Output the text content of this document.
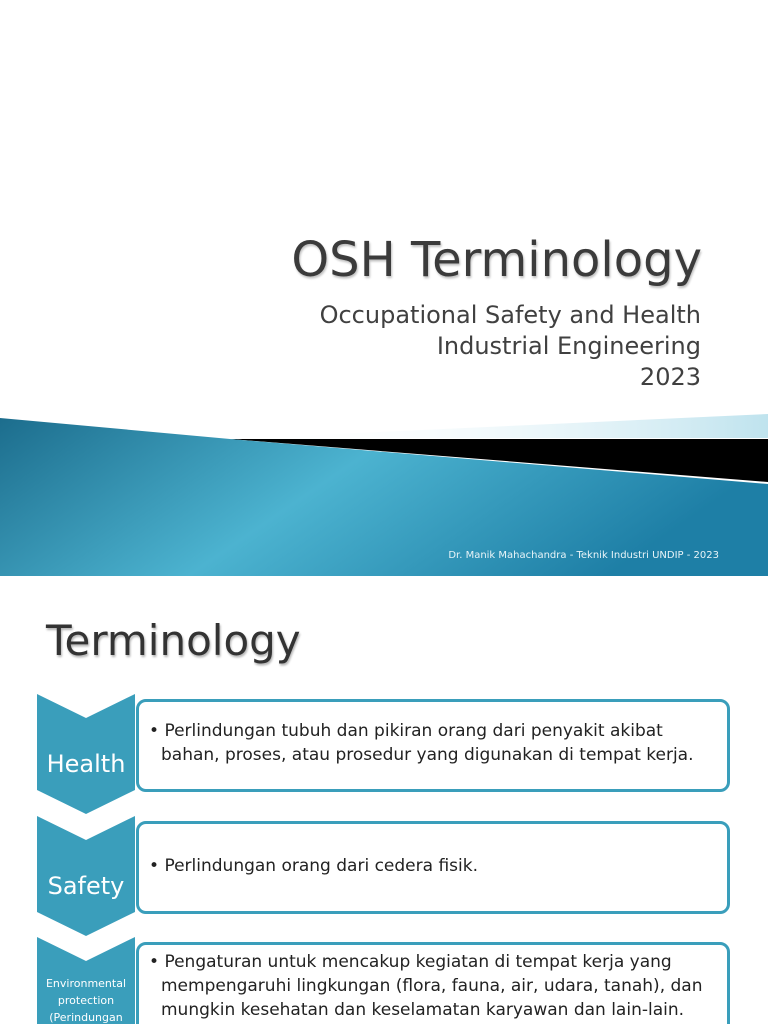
OSH Terminology
Occupational Safety and Health
Industrial Engineering
2023
Dr. Manik Mahachandra - Teknik Industri UNDIP - 2023
Terminology
Health
• Perlindungan tubuh dan pikiran orang dari penyakit akibat bahan, proses, atau prosedur yang digunakan di tempat kerja.
Safety
• Perlindungan orang dari cedera fisik.
Environmental protection (Perindungan
• Pengaturan untuk mencakup kegiatan di tempat kerja yang mempengaruhi lingkungan (flora, fauna, air, udara, tanah), dan mungkin kesehatan dan keselamatan karyawan dan lain-lain.
